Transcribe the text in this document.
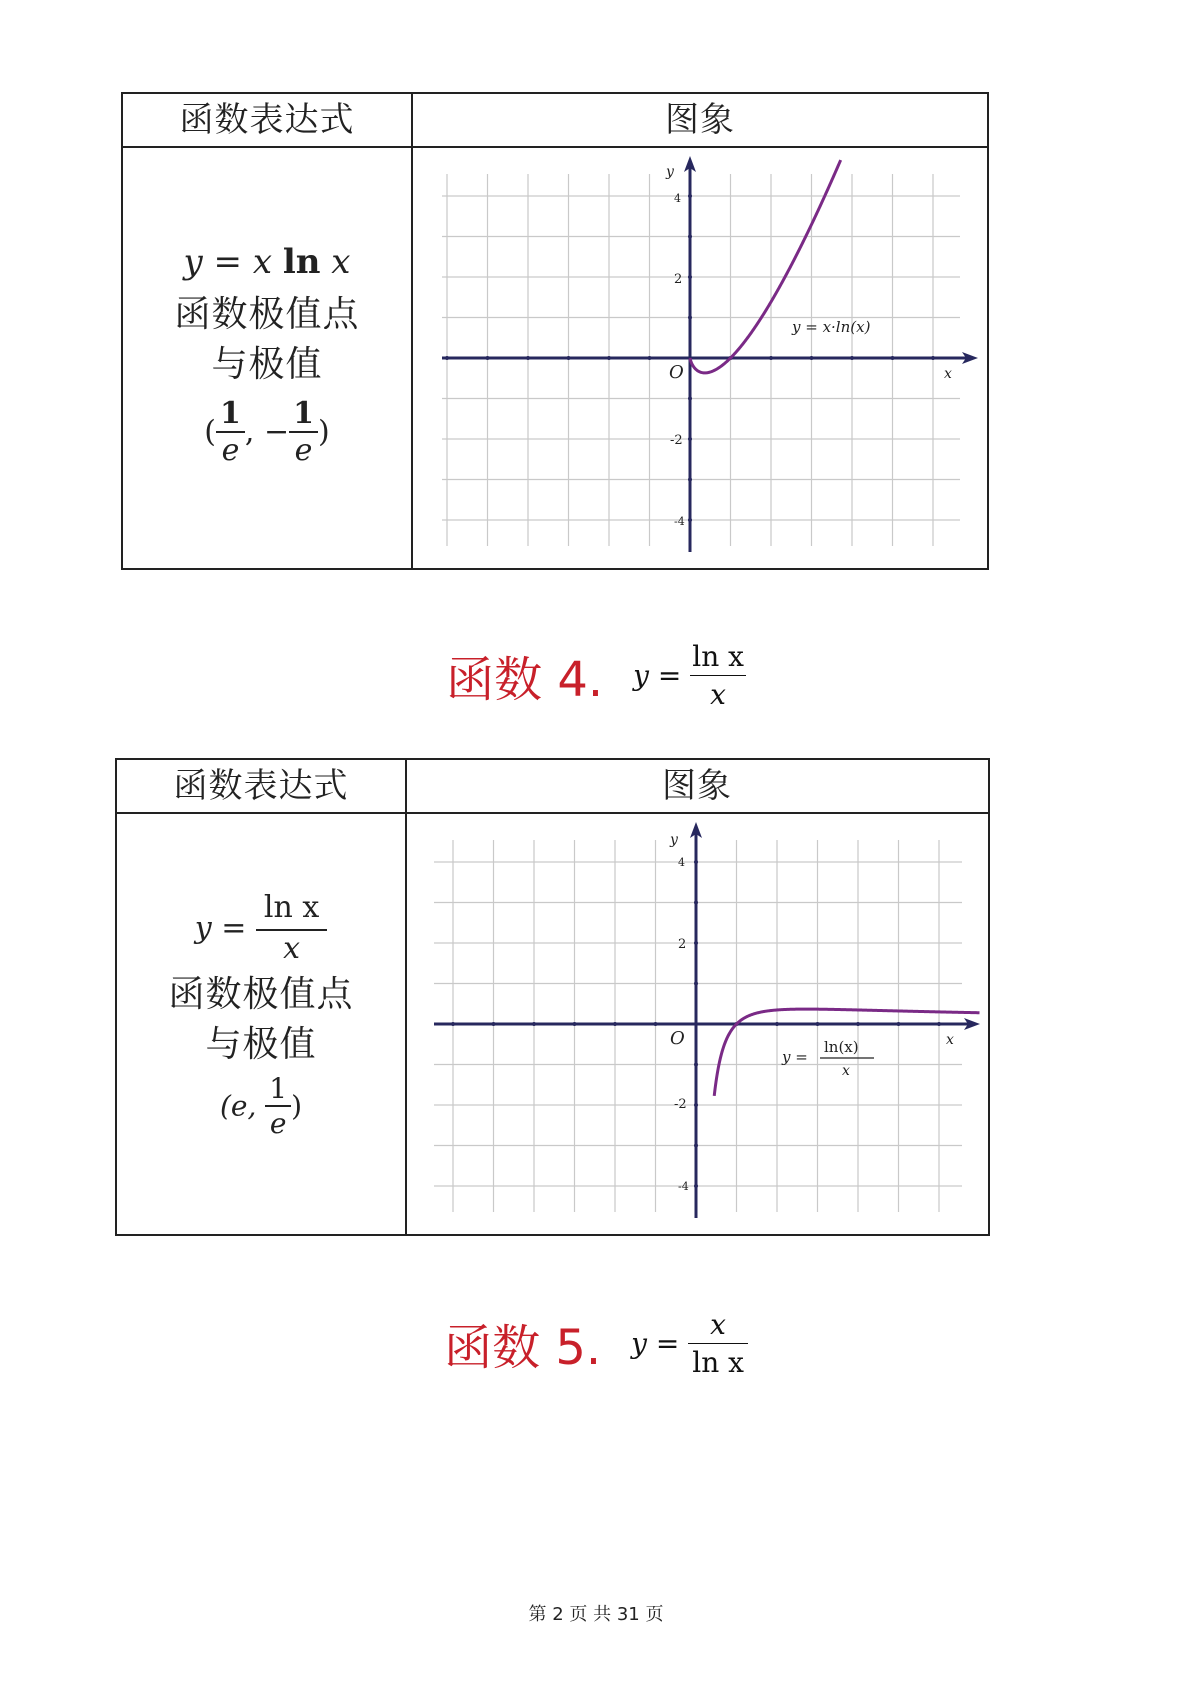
函数表达式	图象
y = x ln x
函数极值点
与极值
( $\frac{1}{e}$ , − $\frac{1}{e}$ )
y
x
O
2
-2
4
-4
y = x·ln(x)
函数 4. $y = \frac{\text{ln x}}{x}$
函数表达式	图象
$y = \frac{\text{ln x}}{x}$
函数极值点
与极值
(e, $\frac{1}{e}$ )
y
x
O
2
-2
4
-4
y =
ln(x)
x
函数 5. $y = \frac{x}{\text{ln x}}$
第 2 页 共 31 页
